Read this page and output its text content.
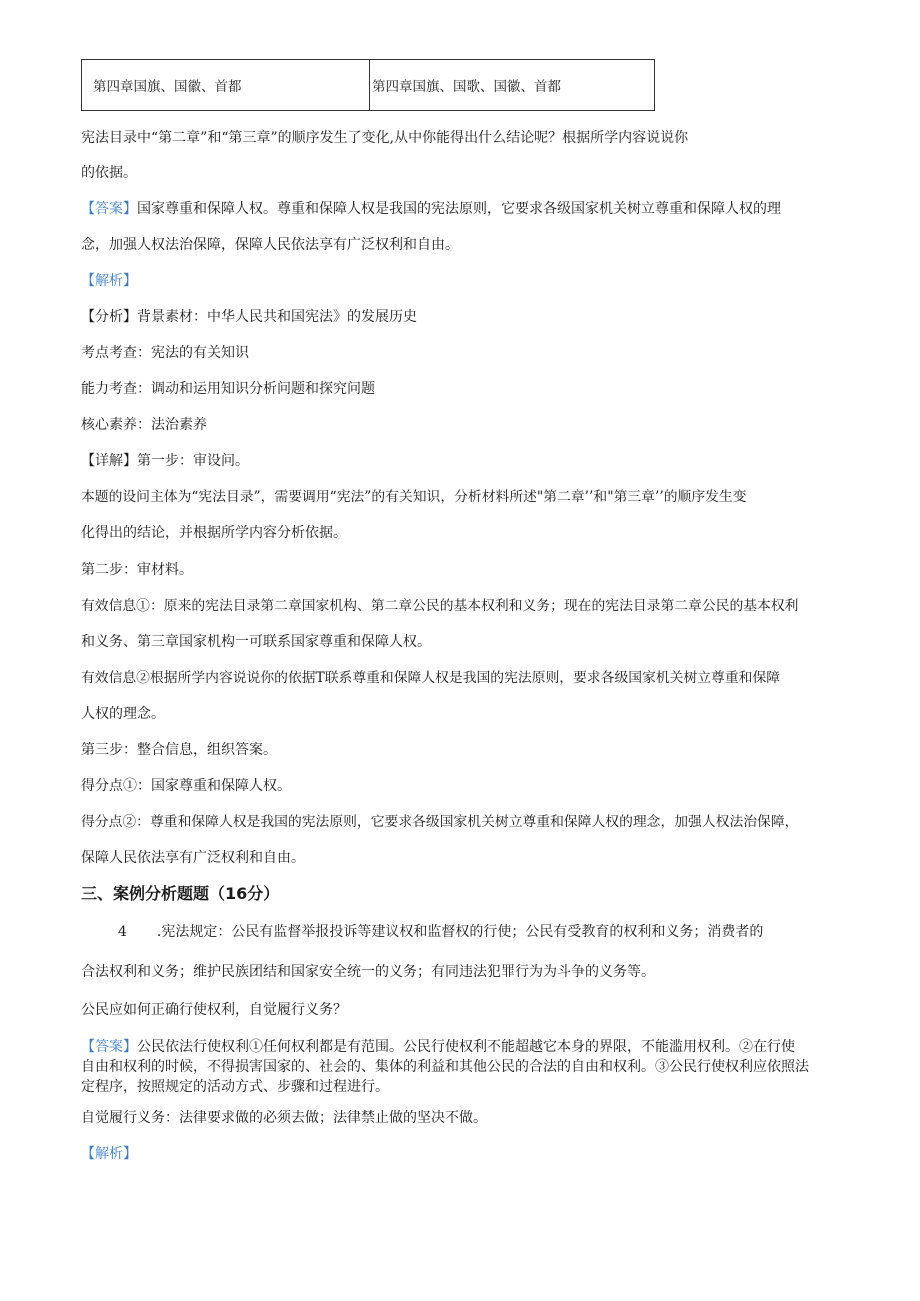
第四章国旗、国徽、首都	第四章国旗、国歌、国徽、首都

宪法目录中“第二章”和“第三章”的顺序发生了变化,从中你能得出什么结论呢？根据所学内容说说你

的依据。

【答案】国家尊重和保障人权。尊重和保障人权是我国的宪法原则，它要求各级国家机关树立尊重和保障人权的理

念，加强人权法治保障，保障人民依法享有广泛权利和自由。

【解析】

【分析】背景素材：中华人民共和国宪法》的发展历史

考点考查：宪法的有关知识

能力考查：调动和运用知识分析问题和探究问题

核心素养：法治素养

【详解】第一步：审设问。

本题的设问主体为“宪法目录”，需要调用“宪法”的有关知识，分析材料所述"第二章’’和"第三章’’的顺序发生变

化得出的结论，并根据所学内容分析依据。

第二步：审材料。

有效信息①：原来的宪法目录第二章国家机构、第二章公民的基本权利和义务；现在的宪法目录第二章公民的基本权利

和义务、第三章国家机构一可联系国家尊重和保障人权。

有效信息②根据所学内容说说你的依据T联系尊重和保障人权是我国的宪法原则，要求各级国家机关树立尊重和保障

人权的理念。

第三步：整合信息，组织答案。

得分点①：国家尊重和保障人权。

得分点②：尊重和保障人权是我国的宪法原则，它要求各级国家机关树立尊重和保障人权的理念，加强人权法治保障，

保障人民依法享有广泛权利和自由。

三、案例分析题题（16分）

4 .宪法规定：公民有监督举报投诉等建议权和监督权的行使；公民有受教育的权利和义务；消费者的

合法权利和义务；维护民族团结和国家安全统一的义务；有同违法犯罪行为为斗争的义务等。

公民应如何正确行使权利，自觉履行义务？

【答案】公民依法行使权利①任何权利都是有范围。公民行使权利不能超越它本身的界限，不能滥用权利。②在行使

自由和权利的时候，不得损害国家的、社会的、集体的利益和其他公民的合法的自由和权利。③公民行使权利应依照法

定程序，按照规定的活动方式、步骤和过程进行。

自觉履行义务：法律要求做的必须去做；法律禁止做的坚决不做。

【解析】
